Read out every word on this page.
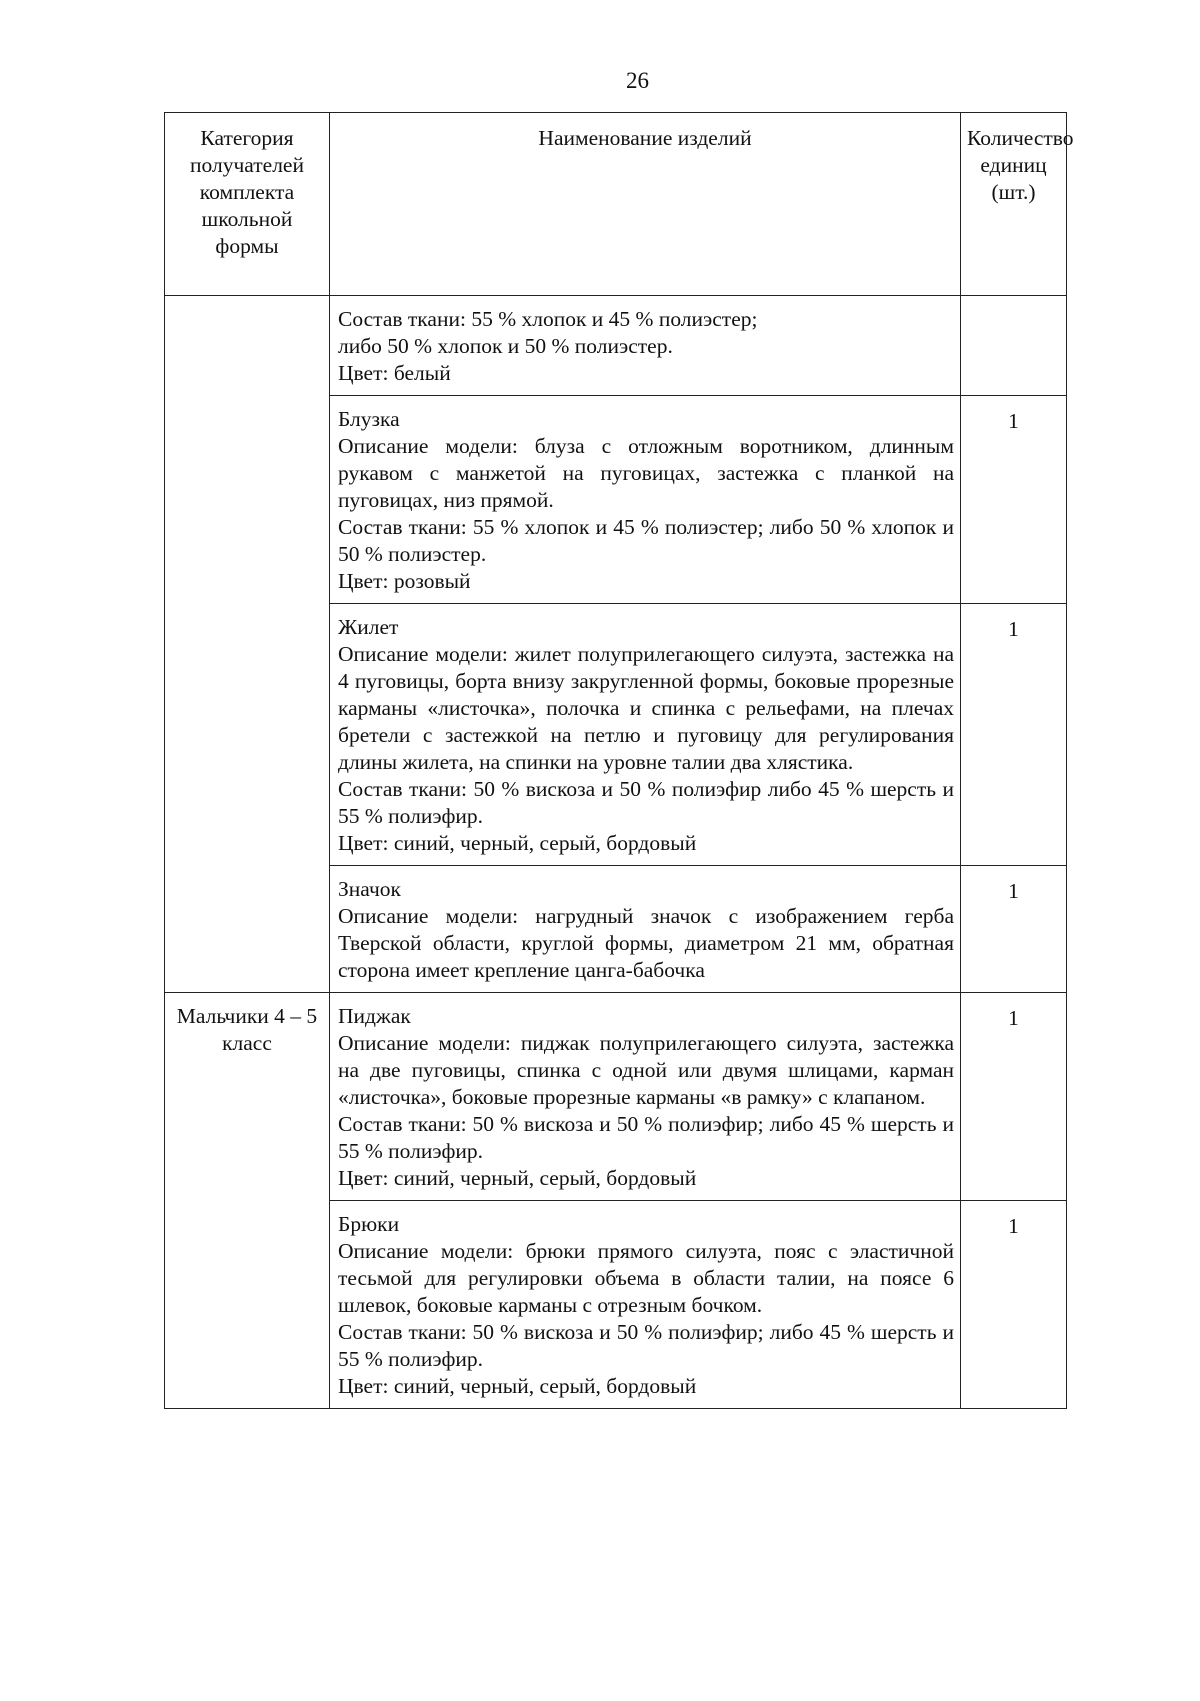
26
Категория получателей комплекта школьной формы	Наименование изделий	Количество единиц (шт.)

	Состав ткани: 55 % хлопок и 45 % полиэстер;
либо 50 % хлопок и 50 % полиэстер.
Цвет: белый	

	Блузка
Описание модели: блуза с отложным воротником, длинным рукавом с манжетой на пуговицах, застежка с планкой на пуговицах, низ прямой.
Состав ткани: 55 % хлопок и 45 % полиэстер; либо 50 % хлопок и 50 % полиэстер.
Цвет: розовый	1

	Жилет
Описание модели: жилет полуприлегающего силуэта, застежка на 4 пуговицы, борта внизу закругленной формы, боковые прорезные карманы «листочка», полочка и спинка с рельефами, на плечах бретели с застежкой на петлю и пуговицу для регулирования длины жилета, на спинки на уровне талии два хлястика.
Состав ткани: 50 % вискоза и 50 % полиэфир либо 45 % шерсть и 55 % полиэфир.
Цвет: синий, черный, серый, бордовый	1

	Значок
Описание модели: нагрудный значок с изображением герба Тверской области, круглой формы, диаметром 21 мм, обратная сторона имеет крепление цанга-бабочка	1
Мальчики 4 – 5 класс	Пиджак
Описание модели: пиджак полуприлегающего силуэта, застежка на две пуговицы, спинка с одной или двумя шлицами, карман «листочка», боковые прорезные карманы «в рамку» с клапаном.
Состав ткани: 50 % вискоза и 50 % полиэфир; либо 45 % шерсть и 55 % полиэфир.
Цвет: синий, черный, серый, бордовый	1

	Брюки
Описание модели: брюки прямого силуэта, пояс с эластичной тесьмой для регулировки объема в области талии, на поясе 6 шлевок, боковые карманы с отрезным бочком.
Состав ткани: 50 % вискоза и 50 % полиэфир; либо 45 % шерсть и 55 % полиэфир.
Цвет: синий, черный, серый, бордовый	1
